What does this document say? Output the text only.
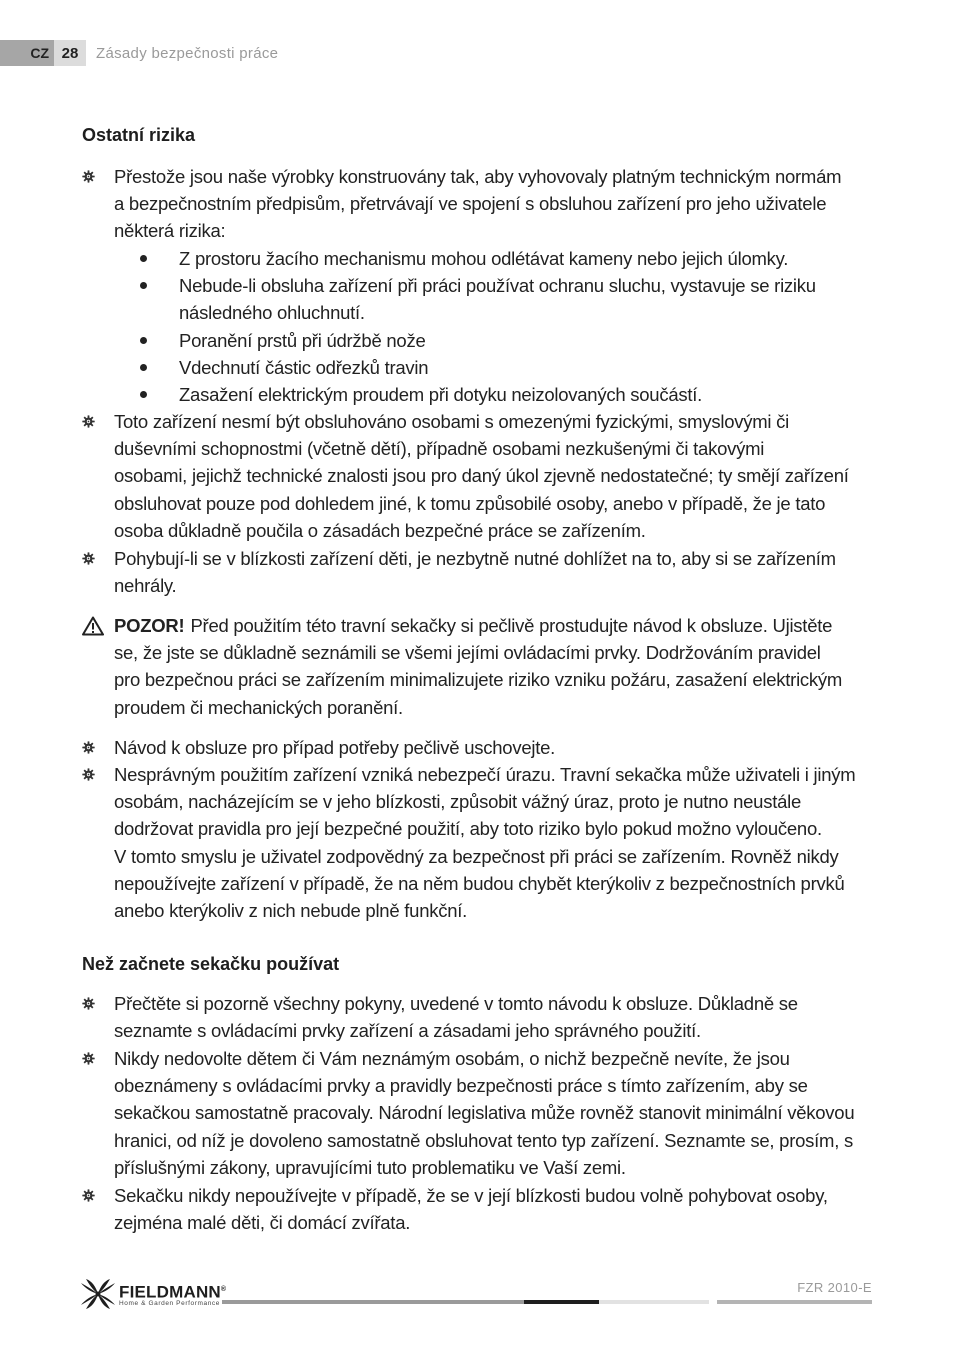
CZ 28	Zásady bezpečnosti práce
Ostatní rizika

Přestože jsou naše výrobky konstruovány tak, aby vyhovovaly platným technickým normám
a bezpečnostním předpisům, přetrvávají ve spojení s obsluhou zařízení pro jeho uživatele
některá rizika:

Z prostoru žacího mechanismu mohou odlétávat kameny nebo jejich úlomky.

Nebude-li obsluha zařízení při práci používat ochranu sluchu, vystavuje se riziku
následného ohluchnutí.

Poranění prstů při údržbě nože

Vdechnutí částic odřezků travin

Zasažení elektrickým proudem při dotyku neizolovaných součástí.

Toto zařízení nesmí být obsluhováno osobami s omezenými fyzickými, smyslovými či
duševními schopnostmi (včetně dětí), případně osobami nezkušenými či takovými
osobami, jejichž technické znalosti jsou pro daný úkol zjevně nedostatečné; ty smějí zařízení
obsluhovat pouze pod dohledem jiné, k tomu způsobilé osoby, anebo v případě, že je tato
osoba důkladně poučila o zásadách bezpečné práce se zařízením.

Pohybují-li se v blízkosti zařízení děti, je nezbytně nutné dohlížet na to, aby si se zařízením
nehrály.

POZOR! Před použitím této travní sekačky si pečlivě prostudujte návod k obsluze. Ujistěte
se, že jste se důkladně seznámili se všemi jejími ovládacími prvky. Dodržováním pravidel
pro bezpečnou práci se zařízením minimalizujete riziko vzniku požáru, zasažení elektrickým
proudem či mechanických poranění.

Návod k obsluze pro případ potřeby pečlivě uschovejte.

Nesprávným použitím zařízení vzniká nebezpečí úrazu. Travní sekačka může uživateli i jiným
osobám, nacházejícím se v jeho blízkosti, způsobit vážný úraz, proto je nutno neustále
dodržovat pravidla pro její bezpečné použití, aby toto riziko bylo pokud možno vyloučeno.
V tomto smyslu je uživatel zodpovědný za bezpečnost při práci se zařízením. Rovněž nikdy
nepoužívejte zařízení v případě, že na něm budou chybět kterýkoliv z bezpečnostních prvků
anebo kterýkoliv z nich nebude plně funkční.

Než začnete sekačku používat

Přečtěte si pozorně všechny pokyny, uvedené v tomto návodu k obsluze. Důkladně se
seznamte s ovládacími prvky zařízení a zásadami jeho správného použití.

Nikdy nedovolte dětem či Vám neznámým osobám, o nichž bezpečně nevíte, že jsou
obeznámeny s ovládacími prvky a pravidly bezpečnosti práce s tímto zařízením, aby se
sekačkou samostatně pracovaly. Národní legislativa může rovněž stanovit minimální věkovou
hranici, od níž je dovoleno samostatně obsluhovat tento typ zařízení. Seznamte se, prosím, s
příslušnými zákony, upravujícími tuto problematiku ve Vaší zemi.

Sekačku nikdy nepoužívejte v případě, že se v její blízkosti budou volně pohybovat osoby,
zejména malé děti, či domácí zvířata.

FIELDMANN®
Home & Garden Performance
FZR 2010-E
